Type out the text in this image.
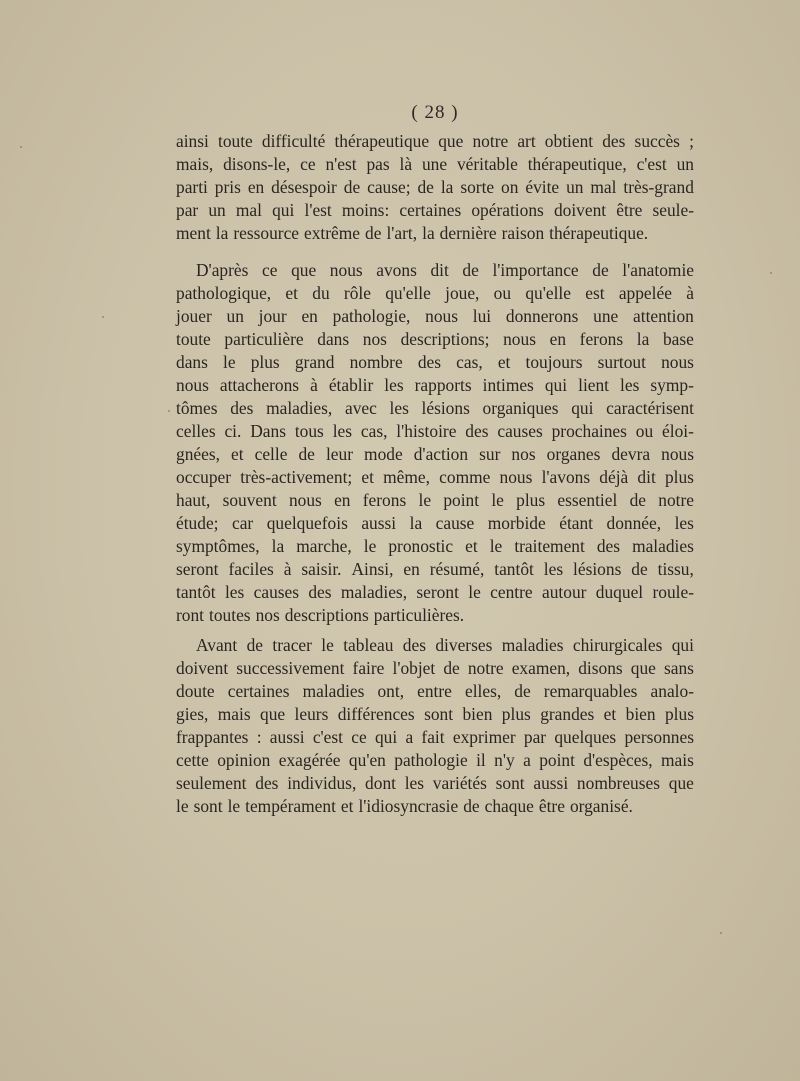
( 28 )
ainsi toute difficulté thérapeutique que notre art obtient des succès ;
mais, disons-le, ce n'est pas là une véritable thérapeutique, c'est un
parti pris en désespoir de cause; de la sorte on évite un mal très-grand
par un mal qui l'est moins: certaines opérations doivent être seule-
ment la ressource extrême de l'art, la dernière raison thérapeutique.
D'après ce que nous avons dit de l'importance de l'anatomie
pathologique, et du rôle qu'elle joue, ou qu'elle est appelée à
jouer un jour en pathologie, nous lui donnerons une attention
toute particulière dans nos descriptions; nous en ferons la base
dans le plus grand nombre des cas, et toujours surtout nous
nous attacherons à établir les rapports intimes qui lient les symp-
tômes des maladies, avec les lésions organiques qui caractérisent
celles ci. Dans tous les cas, l'histoire des causes prochaines ou éloi-
gnées, et celle de leur mode d'action sur nos organes devra nous
occuper très-activement; et même, comme nous l'avons déjà dit plus
haut, souvent nous en ferons le point le plus essentiel de notre
étude; car quelquefois aussi la cause morbide étant donnée, les
symptômes, la marche, le pronostic et le traitement des maladies
seront faciles à saisir. Ainsi, en résumé, tantôt les lésions de tissu,
tantôt les causes des maladies, seront le centre autour duquel roule-
ront toutes nos descriptions particulières.
Avant de tracer le tableau des diverses maladies chirurgicales qui
doivent successivement faire l'objet de notre examen, disons que sans
doute certaines maladies ont, entre elles, de remarquables analo-
gies, mais que leurs différences sont bien plus grandes et bien plus
frappantes : aussi c'est ce qui a fait exprimer par quelques personnes
cette opinion exagérée qu'en pathologie il n'y a point d'espèces, mais
seulement des individus, dont les variétés sont aussi nombreuses que
le sont le tempérament et l'idiosyncrasie de chaque être organisé.
